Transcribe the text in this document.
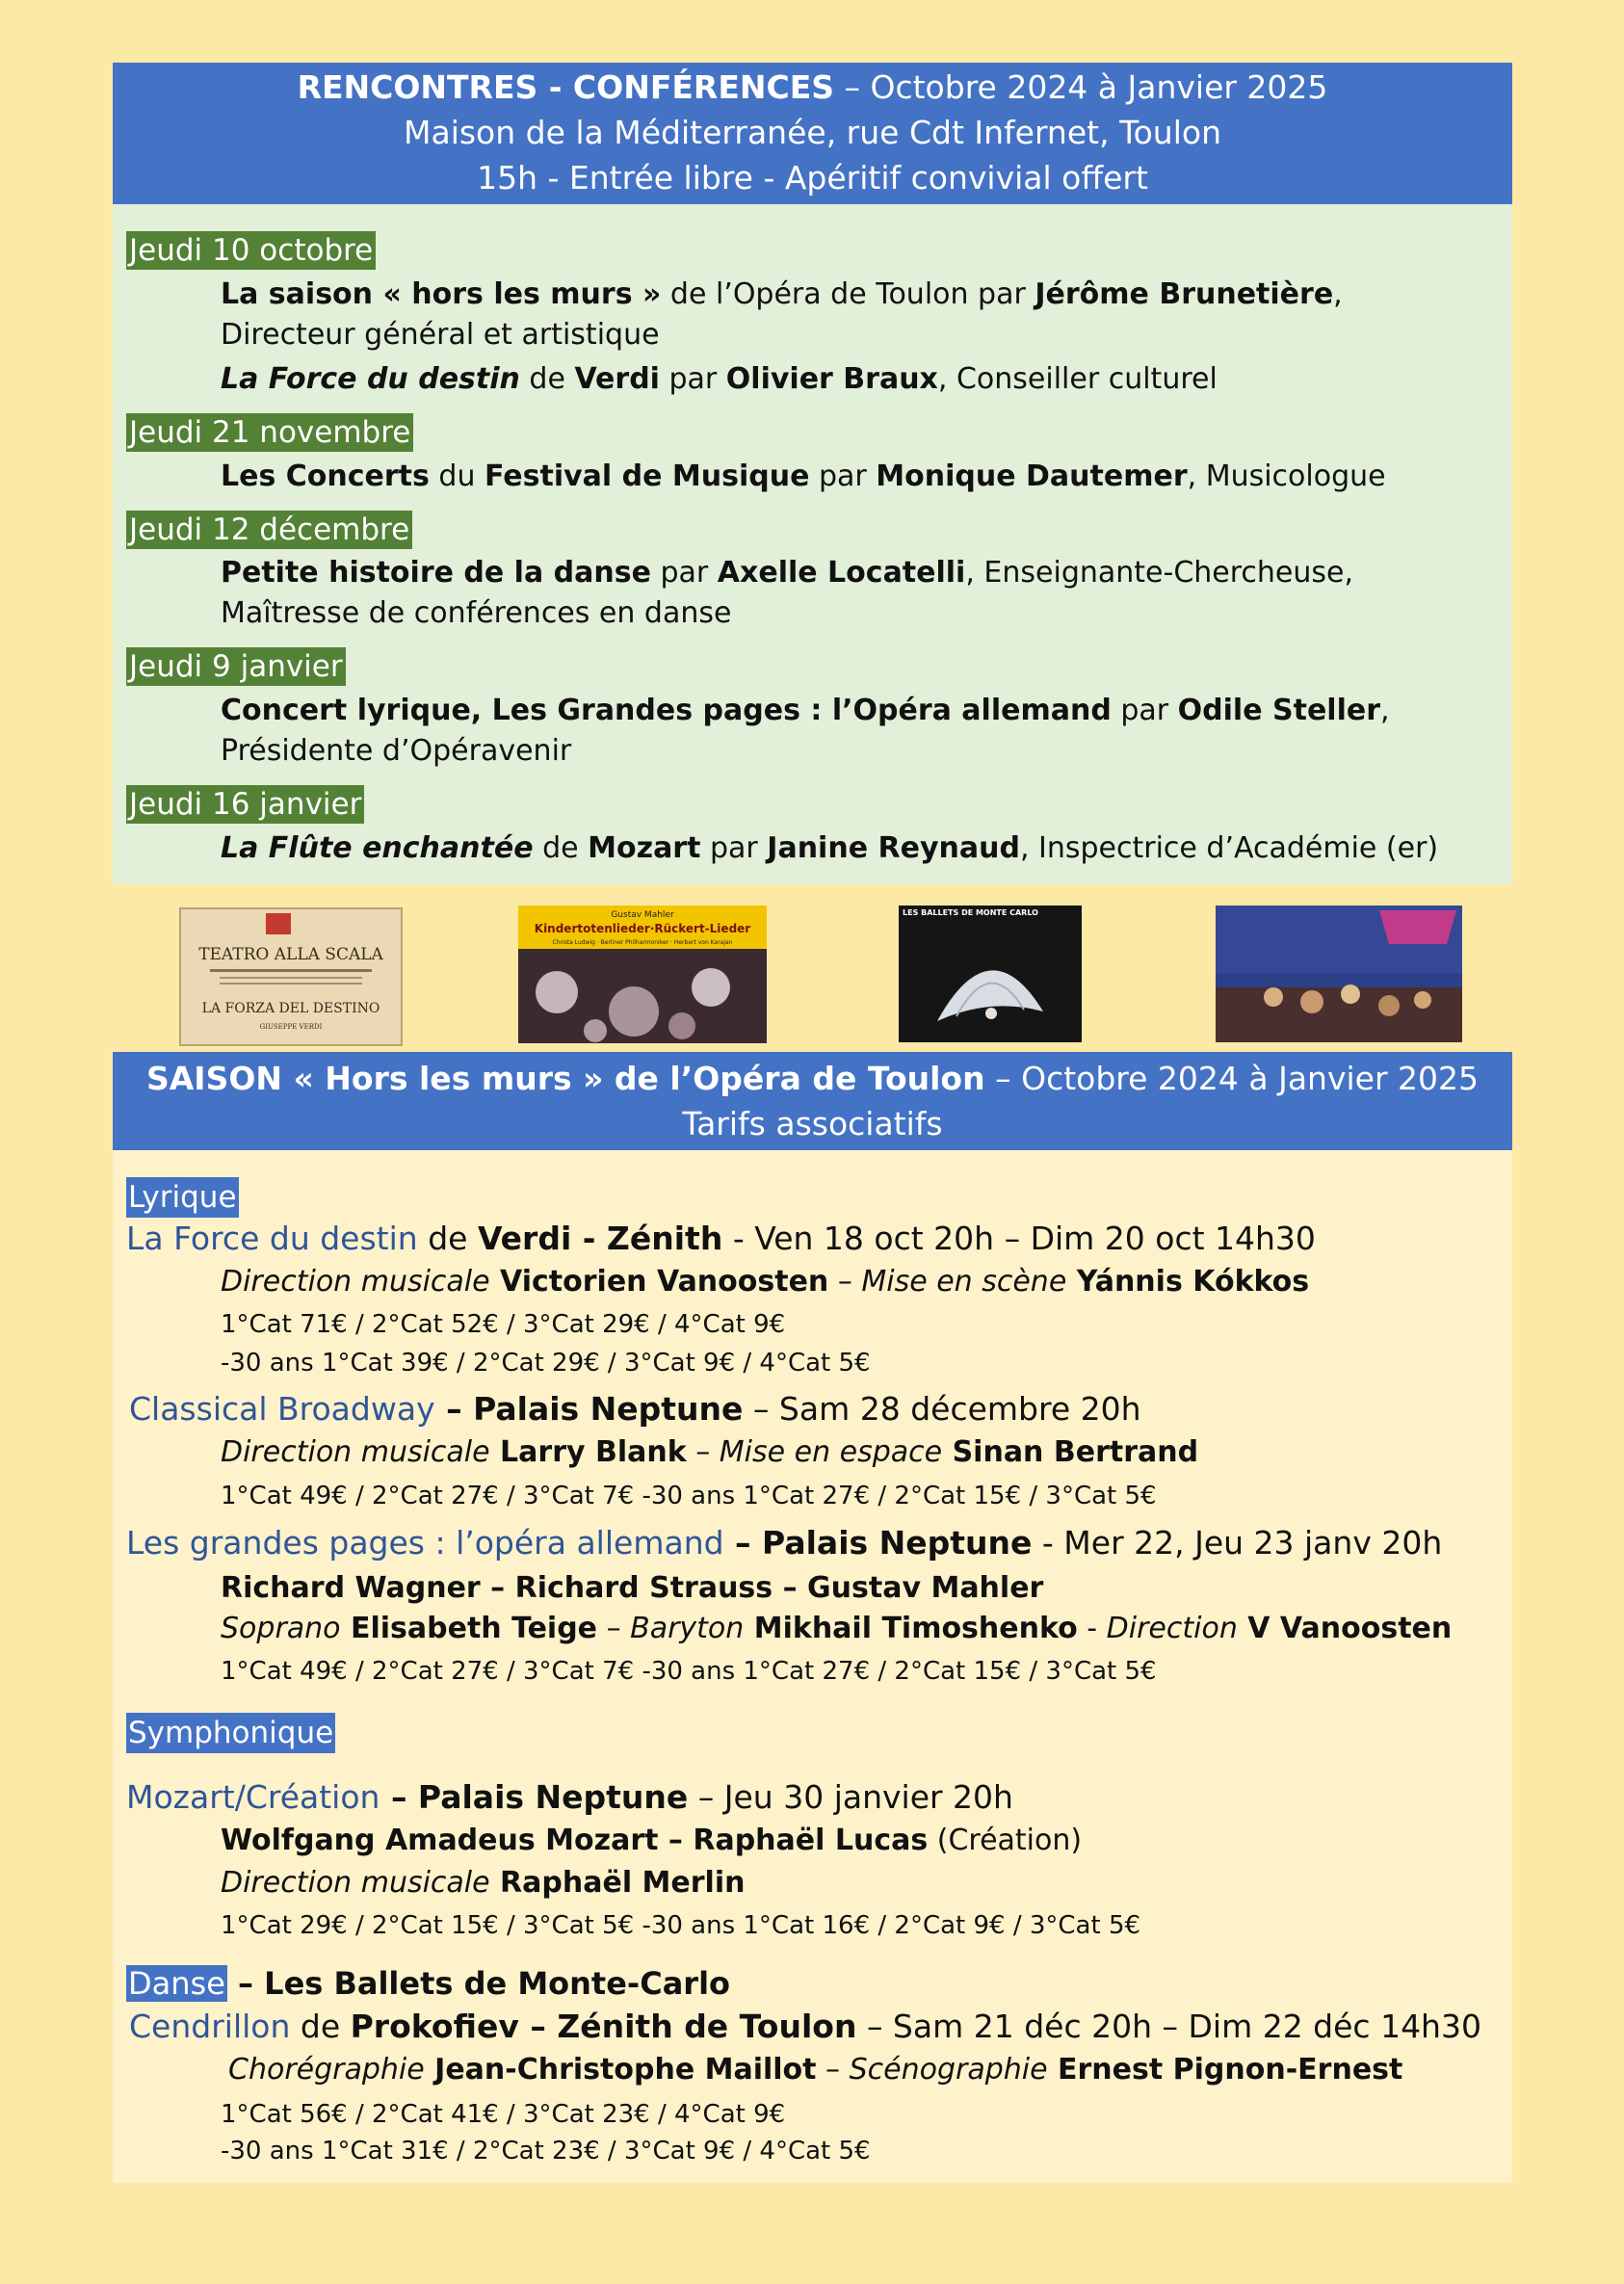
RENCONTRES - CONFÉRENCES – Octobre 2024 à Janvier 2025
Maison de la Méditerranée, rue Cdt Infernet, Toulon
15h - Entrée libre - Apéritif convivial offert
Jeudi 10 octobre
La saison « hors les murs » de l’Opéra de Toulon par Jérôme Brunetière, Directeur général et artistique
La Force du destin de Verdi par Olivier Braux, Conseiller culturel
Jeudi 21 novembre
Les Concerts du Festival de Musique par Monique Dautemer, Musicologue
Jeudi 12 décembre
Petite histoire de la danse par Axelle Locatelli, Enseignante-Chercheuse, Maîtresse de conférences en danse
Jeudi 9 janvier
Concert lyrique, Les Grandes pages : l’Opéra allemand par Odile Steller, Présidente d’Opéravenir
Jeudi 16 janvier
La Flûte enchantée de Mozart par Janine Reynaud, Inspectrice d’Académie (er)
TEATRO ALLA SCALA
LA FORZA DEL DESTINO
GIUSEPPE VERDI
Gustav Mahler
Kindertotenlieder·Rückert-Lieder
Christa Ludwig · Berliner Philharmoniker · Herbert von Karajan
LES BALLETS DE MONTE CARLO
SAISON « Hors les murs » de l’Opéra de Toulon – Octobre 2024 à Janvier 2025
Tarifs associatifs
Lyrique
La Force du destin de Verdi - Zénith - Ven 18 oct 20h – Dim 20 oct 14h30
Direction musicale Victorien Vanoosten – Mise en scène Yánnis Kókkos
1°Cat 71€ / 2°Cat 52€ / 3°Cat 29€ / 4°Cat 9€
-30 ans 1°Cat 39€ / 2°Cat 29€ / 3°Cat 9€ / 4°Cat 5€
Classical Broadway – Palais Neptune – Sam 28 décembre 20h
Direction musicale Larry Blank – Mise en espace Sinan Bertrand
1°Cat 49€ / 2°Cat 27€ / 3°Cat 7€ -30 ans 1°Cat 27€ / 2°Cat 15€ / 3°Cat 5€
Les grandes pages : l’opéra allemand – Palais Neptune - Mer 22, Jeu 23 janv 20h
Richard Wagner – Richard Strauss – Gustav Mahler
Soprano Elisabeth Teige – Baryton Mikhail Timoshenko - Direction V Vanoosten
1°Cat 49€ / 2°Cat 27€ / 3°Cat 7€ -30 ans 1°Cat 27€ / 2°Cat 15€ / 3°Cat 5€
Symphonique
Mozart/Création – Palais Neptune – Jeu 30 janvier 20h
Wolfgang Amadeus Mozart – Raphaël Lucas (Création)
Direction musicale Raphaël Merlin
1°Cat 29€ / 2°Cat 15€ / 3°Cat 5€ -30 ans 1°Cat 16€ / 2°Cat 9€ / 3°Cat 5€
Danse – Les Ballets de Monte-Carlo
Cendrillon de Prokofiev – Zénith de Toulon – Sam 21 déc 20h – Dim 22 déc 14h30
Chorégraphie Jean-Christophe Maillot – Scénographie Ernest Pignon-Ernest
1°Cat 56€ / 2°Cat 41€ / 3°Cat 23€ / 4°Cat 9€
-30 ans 1°Cat 31€ / 2°Cat 23€ / 3°Cat 9€ / 4°Cat 5€
